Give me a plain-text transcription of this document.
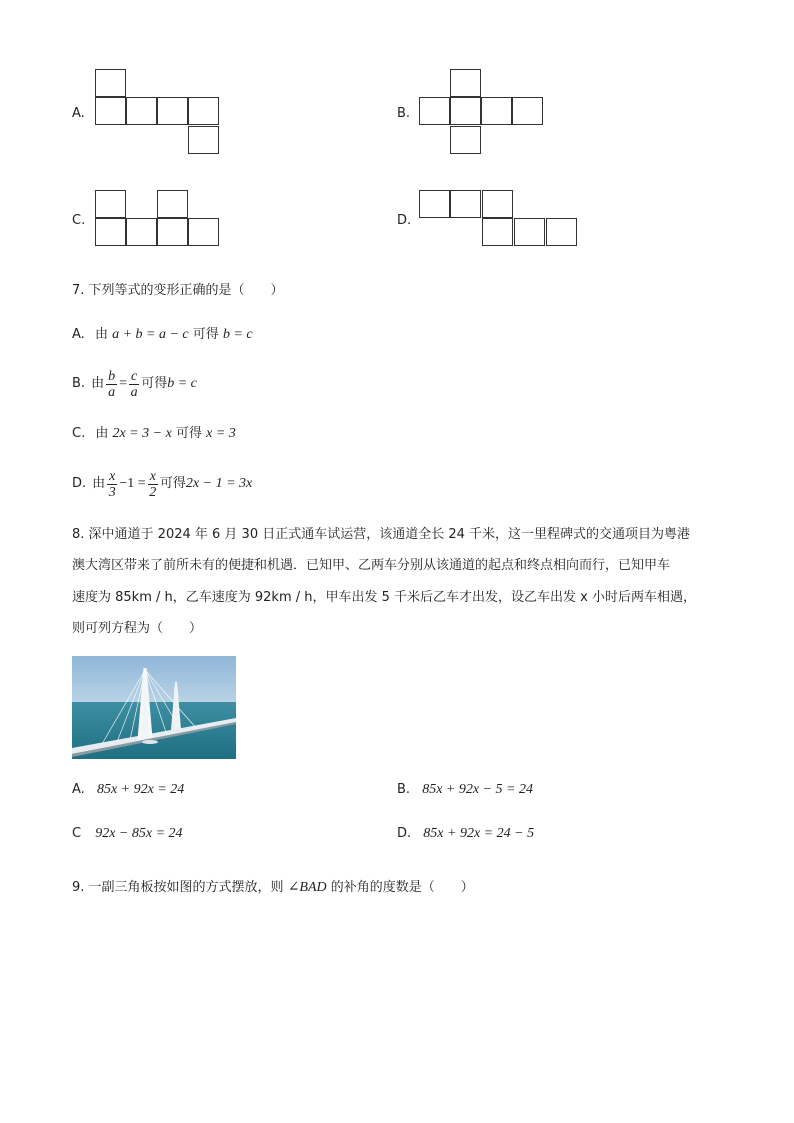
A.	B.
C.	D.
7. 下列等式的变形正确的是（　　）
A. 由 a + b = a − c 可得 b = c
B. 由 $\frac{b}{a} = \frac{c}{a}$ 可得 b = c
C. 由 2x = 3 − x 可得 x = 3
D. 由 $\frac{x}{3} -1 = \frac{x}{2}$ 可得 2x − 1 = 3x
8. 深中通道于 2024 年 6 月 30 日正式通车试运营，该通道全长 24 千米，这一里程碑式的交通项目为粤港
澳大湾区带来了前所未有的便捷和机遇．已知甲、乙两车分别从该通道的起点和终点相向而行，已知甲车
速度为 85km / h，乙车速度为 92km / h，甲车出发 5 千米后乙车才出发，设乙车出发 x 小时后两车相遇，
则可列方程为（　　）
A. 85x + 92x = 24	B. 85x + 92x − 5 = 24
C 92x − 85x = 24	D. 85x + 92x = 24 − 5
9. 一副三角板按如图的方式摆放，则 ∠BAD 的补角的度数是（　　）
